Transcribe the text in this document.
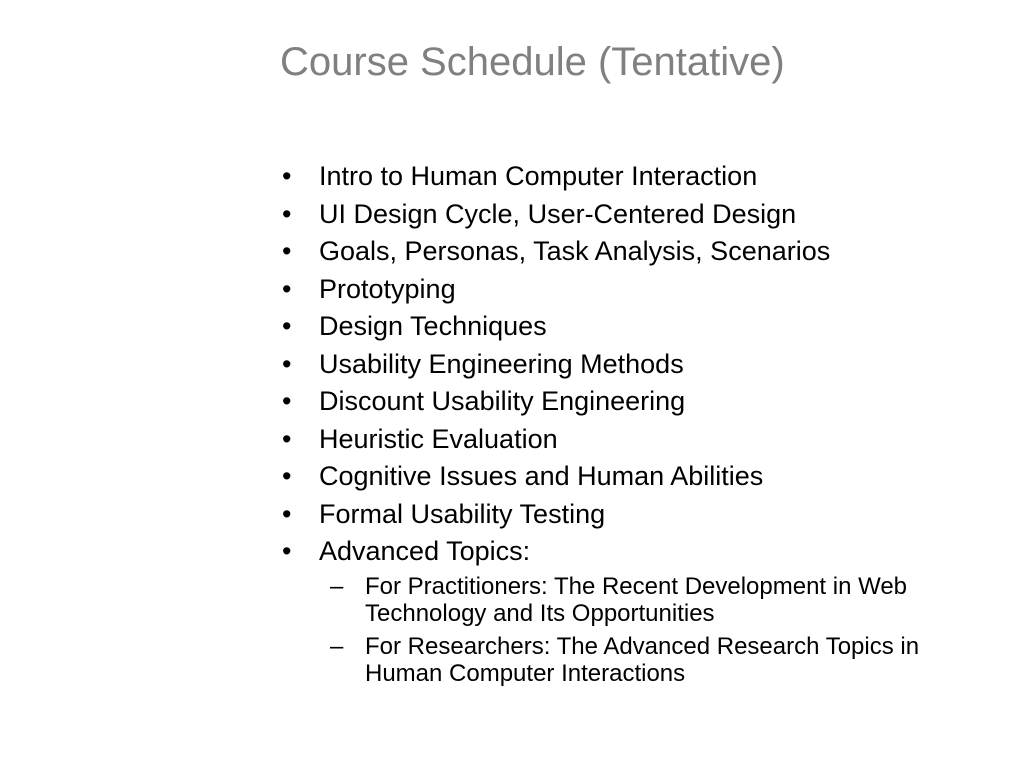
Course Schedule (Tentative)
•	Intro to Human Computer Interaction
•	UI Design Cycle, User-Centered Design
•	Goals, Personas, Task Analysis, Scenarios
•	Prototyping
•	Design Techniques
•	Usability Engineering Methods
•	Discount Usability Engineering
•	Heuristic Evaluation
•	Cognitive Issues and Human Abilities
•	Formal Usability Testing
•	Advanced Topics:
– For Practitioners: The Recent Development in Web Technology and Its Opportunities
– For Researchers: The Advanced Research Topics in Human Computer Interactions
